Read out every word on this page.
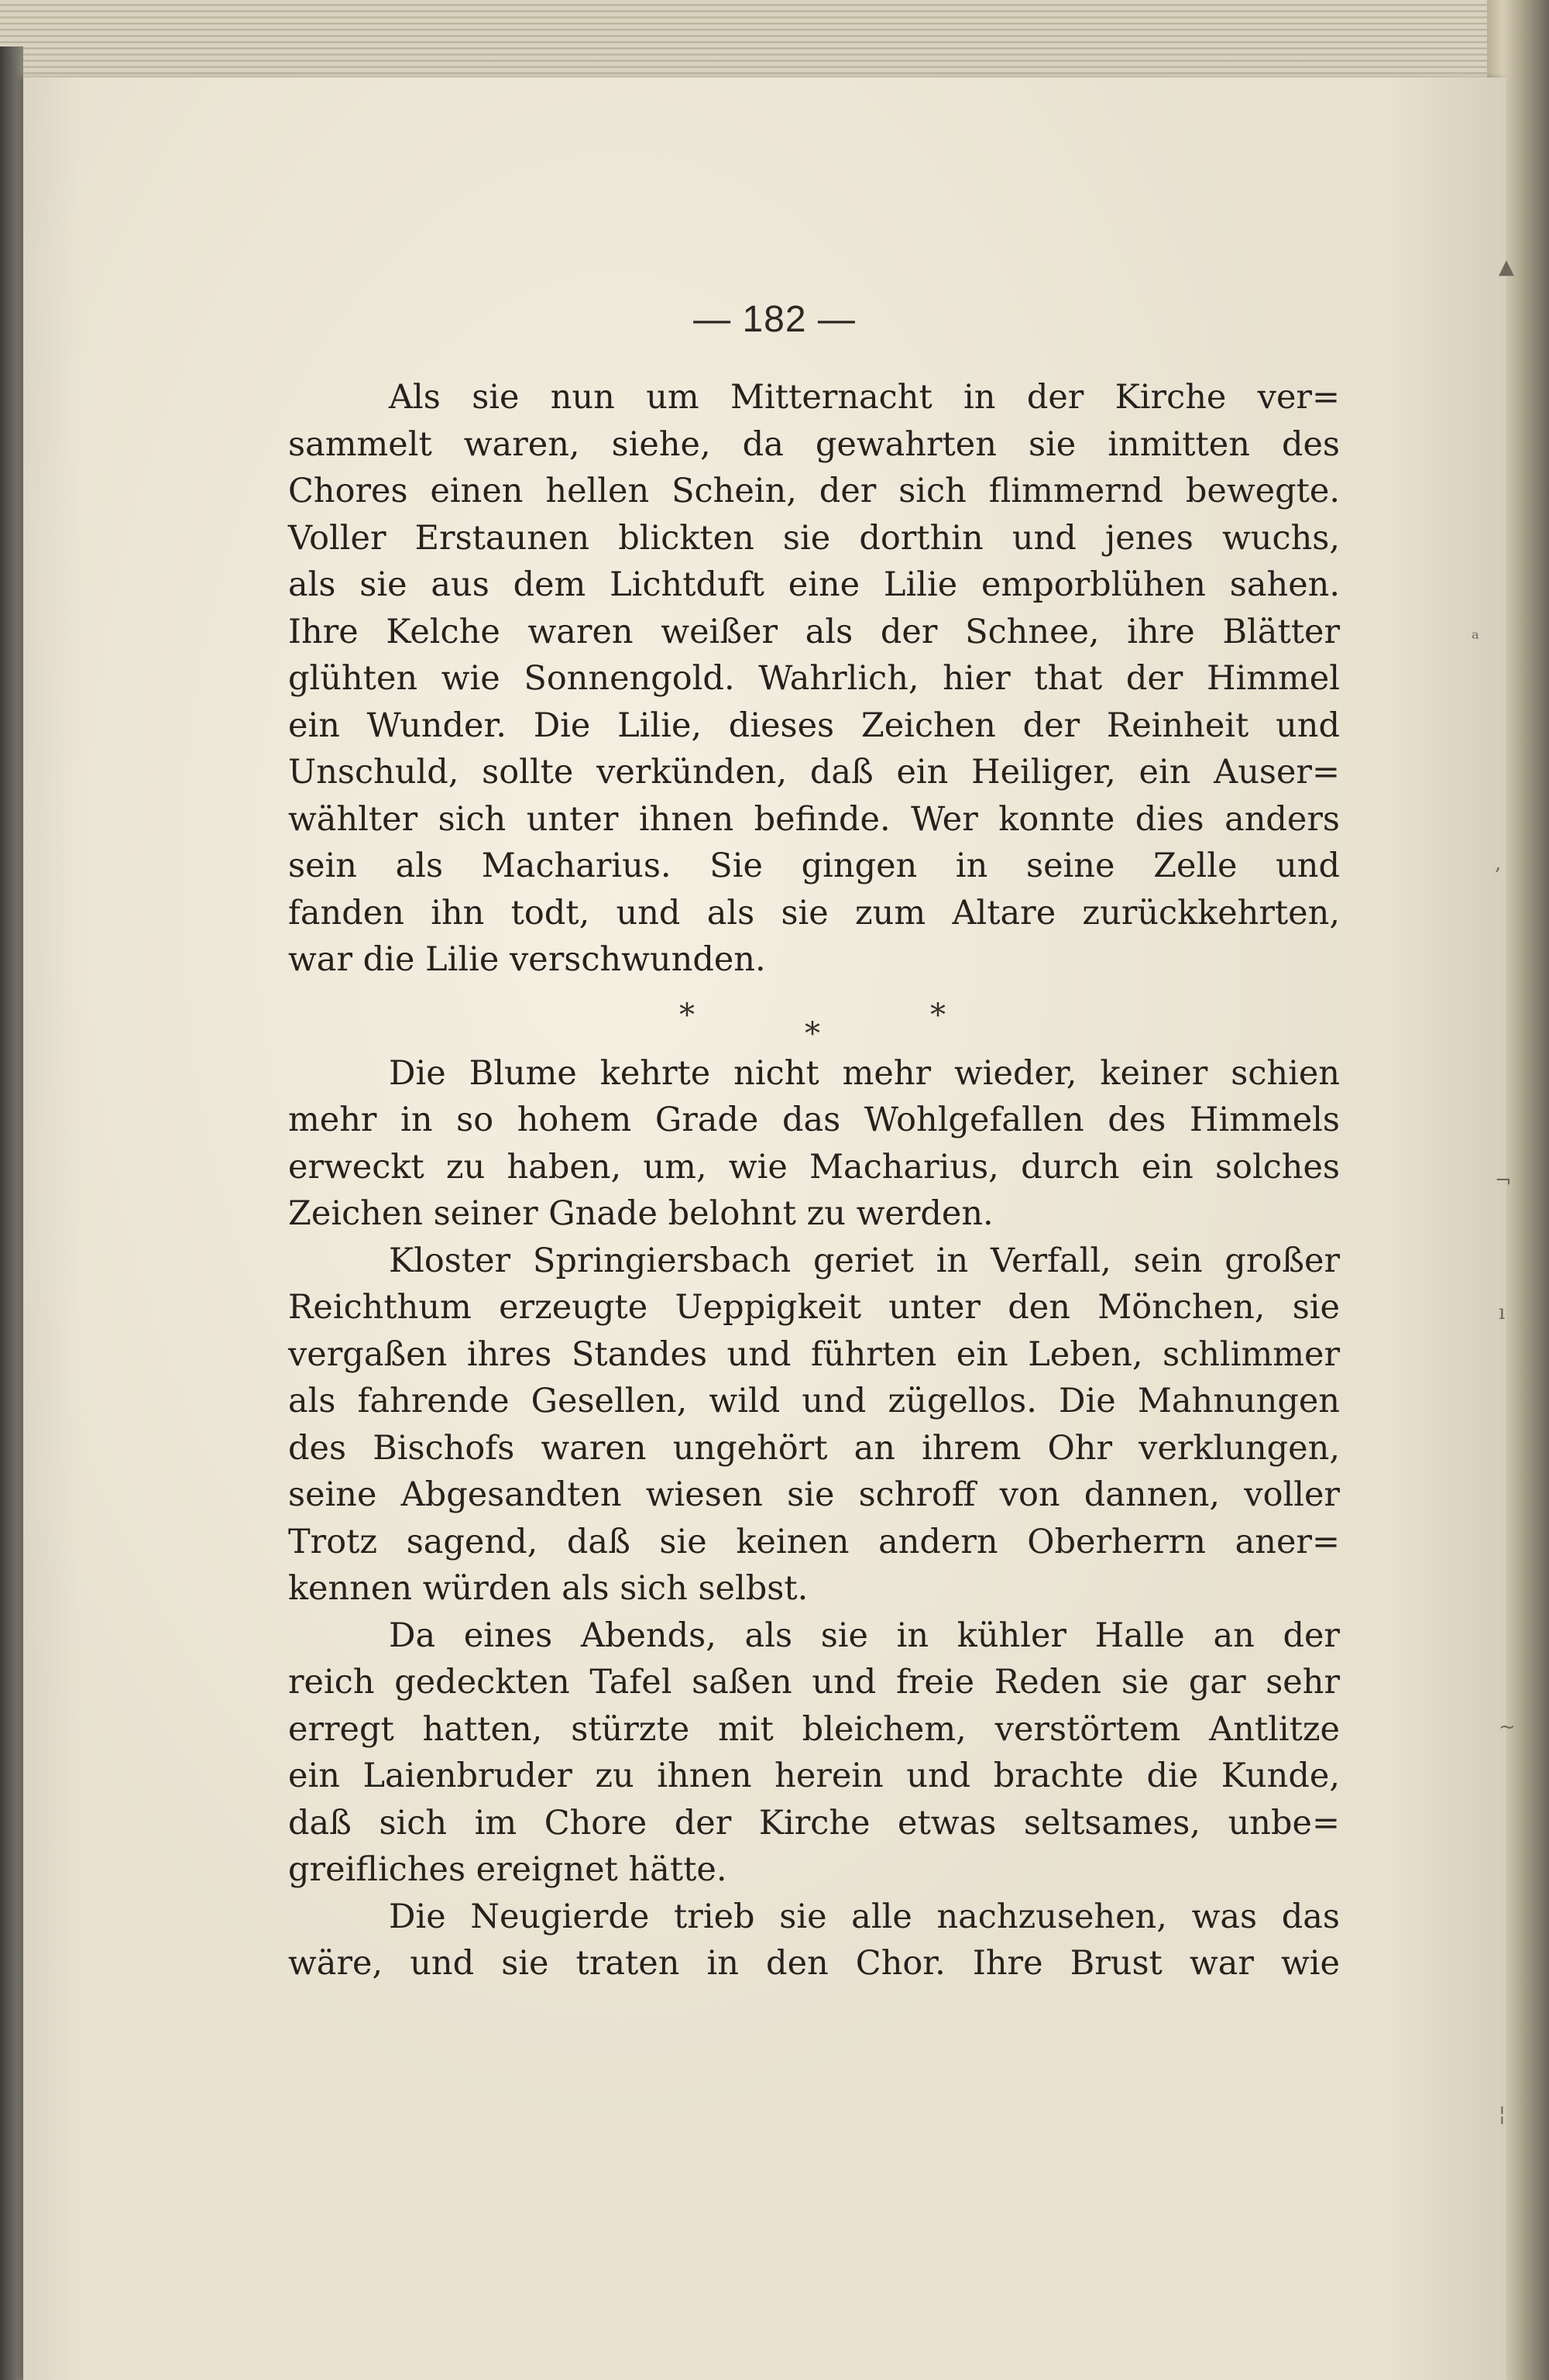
▲
ᵃ
,
¬
ı
~
¦
— 182 —
Als sie nun um Mitternacht in der Kirche ver=
sammelt waren, siehe, da gewahrten sie inmitten des
Chores einen hellen Schein, der sich flimmernd bewegte.
Voller Erstaunen blickten sie dorthin und jenes wuchs,
als sie aus dem Lichtduft eine Lilie emporblühen sahen.
Ihre Kelche waren weißer als der Schnee, ihre Blätter
glühten wie Sonnengold. Wahrlich, hier that der Himmel
ein Wunder. Die Lilie, dieses Zeichen der Reinheit und
Unschuld, sollte verkünden, daß ein Heiliger, ein Auser=
wählter sich unter ihnen befinde. Wer konnte dies anders
sein als Macharius. Sie gingen in seine Zelle und
fanden ihn todt, und als sie zum Altare zurückkehrten,
war die Lilie verschwunden.
*
*
*
Die Blume kehrte nicht mehr wieder, keiner schien
mehr in so hohem Grade das Wohlgefallen des Himmels
erweckt zu haben, um, wie Macharius, durch ein solches
Zeichen seiner Gnade belohnt zu werden.
Kloster Springiersbach geriet in Verfall, sein großer
Reichthum erzeugte Ueppigkeit unter den Mönchen, sie
vergaßen ihres Standes und führten ein Leben, schlimmer
als fahrende Gesellen, wild und zügellos. Die Mahnungen
des Bischofs waren ungehört an ihrem Ohr verklungen,
seine Abgesandten wiesen sie schroff von dannen, voller
Trotz sagend, daß sie keinen andern Oberherrn aner=
kennen würden als sich selbst.
Da eines Abends, als sie in kühler Halle an der
reich gedeckten Tafel saßen und freie Reden sie gar sehr
erregt hatten, stürzte mit bleichem, verstörtem Antlitze
ein Laienbruder zu ihnen herein und brachte die Kunde,
daß sich im Chore der Kirche etwas seltsames, unbe=
greifliches ereignet hätte.
Die Neugierde trieb sie alle nachzusehen, was das
wäre, und sie traten in den Chor. Ihre Brust war wie
